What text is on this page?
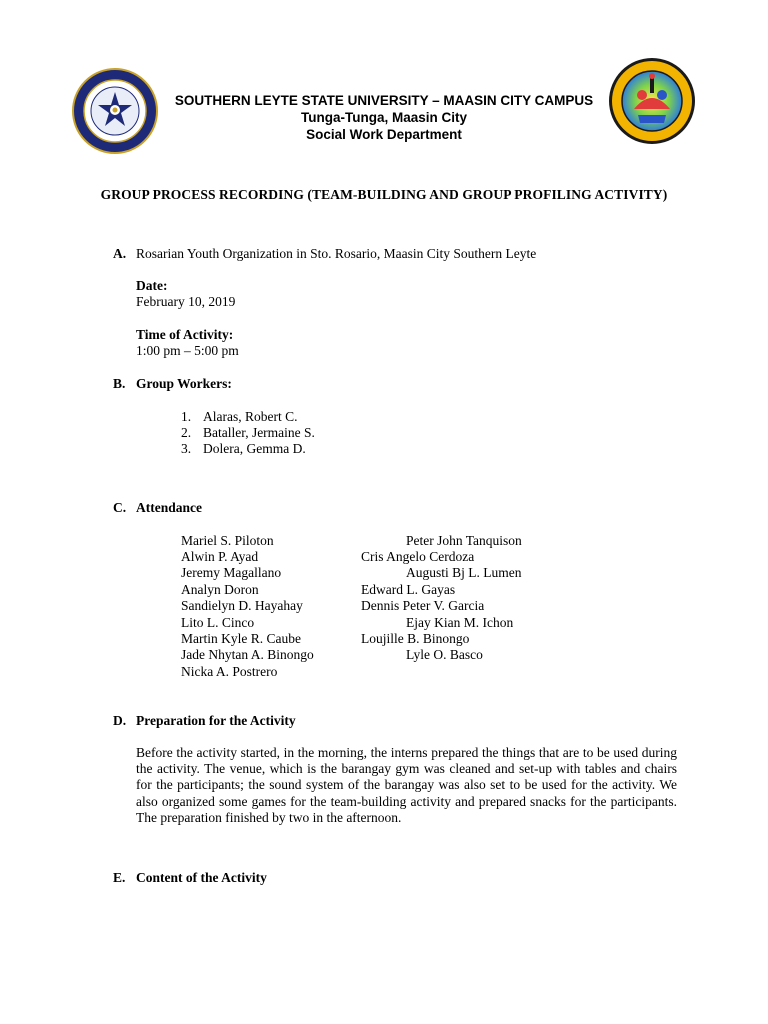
SOUTHERN LEYTE STATE UNIVERSITY – MAASIN CITY CAMPUS
Tunga-Tunga, Maasin City
Social Work Department
GROUP PROCESS RECORDING (TEAM-BUILDING AND GROUP PROFILING ACTIVITY)
A. Rosarian Youth Organization in Sto. Rosario, Maasin City Southern Leyte
Date:
February 10, 2019
Time of Activity:
1:00 pm – 5:00 pm
B. Group Workers:
1. Alaras, Robert C.
2. Bataller, Jermaine S.
3. Dolera, Gemma D.
C. Attendance
Mariel S. Piloton
Alwin P. Ayad
Jeremy Magallano
Analyn Doron
Sandielyn D. Hayahay
Lito L. Cinco
Martin Kyle R. Caube
Jade Nhytan A. Binongo
Nicka A. Postrero
Peter John Tanquison
Cris Angelo Cerdoza
Augusti Bj L. Lumen
Edward L. Gayas
Dennis Peter V. Garcia
Ejay Kian M. Ichon
Loujille B. Binongo
Lyle O. Basco
D. Preparation for the Activity
Before the activity started, in the morning, the interns prepared the things that are to be used during the activity. The venue, which is the barangay gym was cleaned and set-up with tables and chairs for the participants; the sound system of the barangay was also set to be used for the activity. We also organized some games for the team-building activity and prepared snacks for the participants. The preparation finished by two in the afternoon.
E. Content of the Activity
